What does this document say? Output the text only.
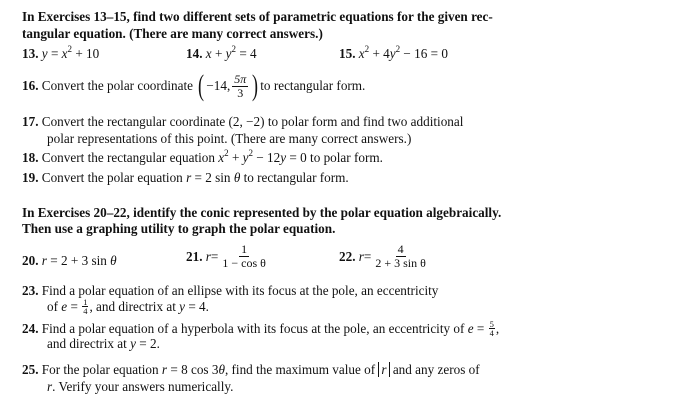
In Exercises 13–15, find two different sets of parametric equations for the given rec-
tangular equation. (There are many correct answers.)
13. $y = x^2 + 10$	14. $x + y^2 = 4$	15. $x^2 + 4y^2 - 16 = 0$
16.
Convert the polar coordinate
( −14, $\frac{5\pi}{3}$ ) to rectangular form.
17. Convert the rectangular coordinate (2, −2) to polar form and find two additional
polar representations of this point. (There are many correct answers.)
18. Convert the rectangular equation $x^2 + y^2 - 12y = 0$ to polar form.
19. Convert the polar equation r = 2 sin θ to rectangular form.
In Exercises 20–22, identify the conic represented by the polar equation algebraically.
Then use a graphing utility to graph the polar equation.
20. r = 2 + 3 sin θ	21.
$r = \frac{1}{\text{1 − cos θ}}$	22.
$r = \frac{4}{\text{2 + 3 sin θ}}$
23. Find a polar equation of an ellipse with its focus at the pole, an eccentricity
of $e = \frac{1}{4}$ , and directrix at y = 4.
24.
Find a polar equation of a hyperbola with its focus at the pole, an eccentricity of $e = \frac{5}{4}$ ,
and directrix at y = 2.
25. For the polar equation r = 8 cos 3θ, find the maximum value of r and any zeros of
r. Verify your answers numerically.
